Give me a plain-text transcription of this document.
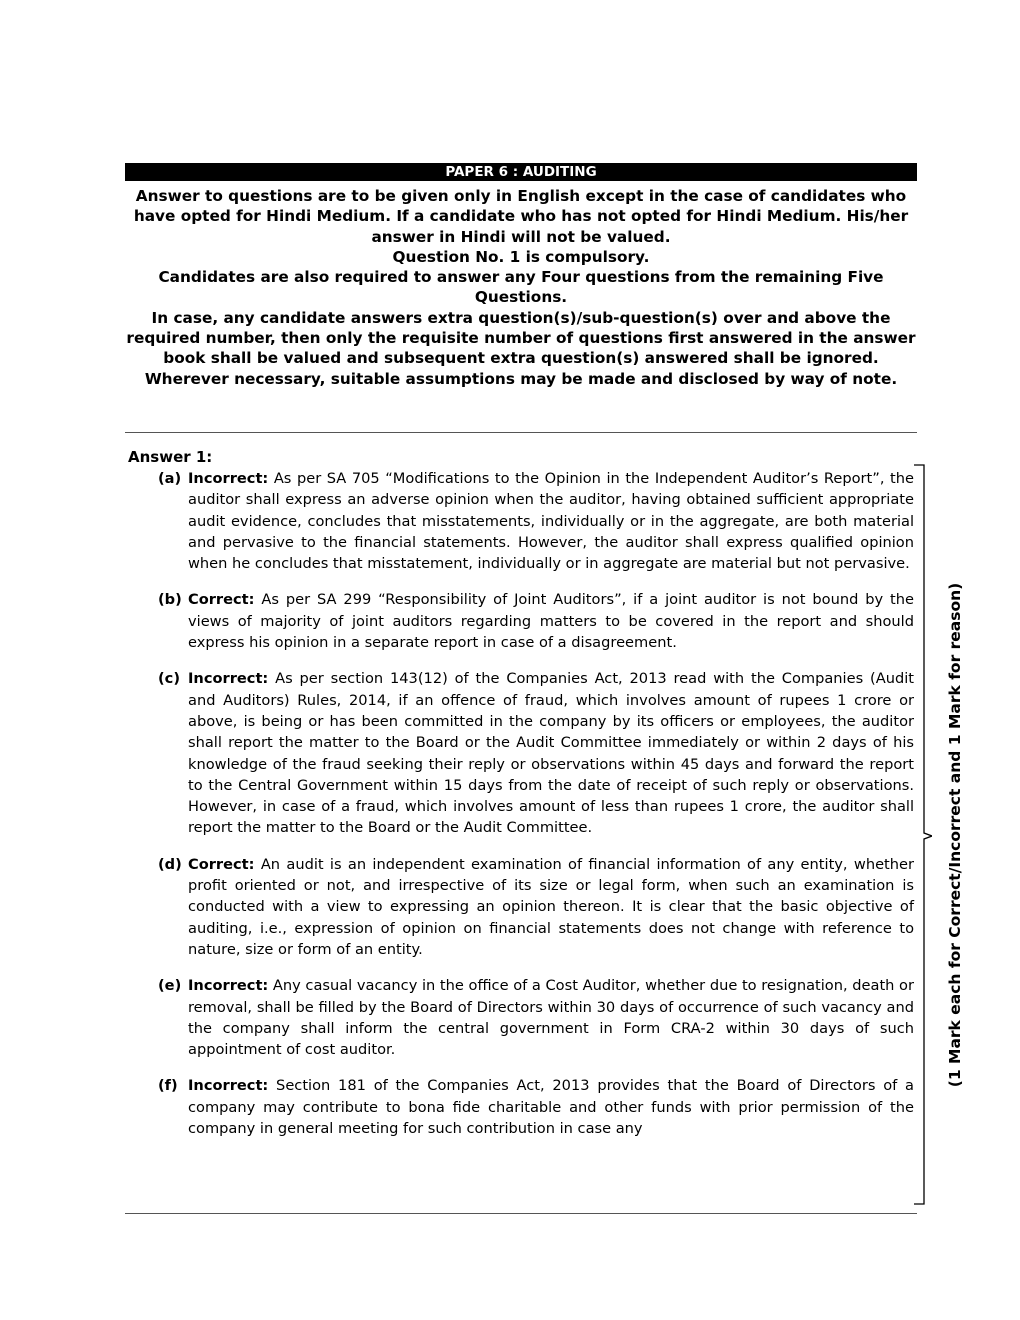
PAPER 6 : AUDITING
Answer to questions are to be given only in English except in the case of candidates who have opted for Hindi Medium. If a candidate who has not opted for Hindi Medium. His/her answer in Hindi will not be valued.
Question No. 1 is compulsory.
Candidates are also required to answer any Four questions from the remaining Five Questions.
In case, any candidate answers extra question(s)/sub-question(s) over and above the required number, then only the requisite number of questions first answered in the answer book shall be valued and subsequent extra question(s) answered shall be ignored.
Wherever necessary, suitable assumptions may be made and disclosed by way of note.
Answer 1:
(a) Incorrect: As per SA 705 “Modifications to the Opinion in the Independent Auditor’s Report”, the auditor shall express an adverse opinion when the auditor, having obtained sufficient appropriate audit evidence, concludes that misstatements, individually or in the aggregate, are both material and pervasive to the financial statements. However, the auditor shall express qualified opinion when he concludes that misstatement, individually or in aggregate are material but not pervasive.
(b) Correct: As per SA 299 “Responsibility of Joint Auditors”, if a joint auditor is not bound by the views of majority of joint auditors regarding matters to be covered in the report and should express his opinion in a separate report in case of a disagreement.
(c) Incorrect: As per section 143(12) of the Companies Act, 2013 read with the Companies (Audit and Auditors) Rules, 2014, if an offence of fraud, which involves amount of rupees 1 crore or above, is being or has been committed in the company by its officers or employees, the auditor shall report the matter to the Board or the Audit Committee immediately or within 2 days of his knowledge of the fraud seeking their reply or observations within 45 days and forward the report to the Central Government within 15 days from the date of receipt of such reply or observations. However, in case of a fraud, which involves amount of less than rupees 1 crore, the auditor shall report the matter to the Board or the Audit Committee.
(d) Correct: An audit is an independent examination of financial information of any entity, whether profit oriented or not, and irrespective of its size or legal form, when such an examination is conducted with a view to expressing an opinion thereon. It is clear that the basic objective of auditing, i.e., expression of opinion on financial statements does not change with reference to nature, size or form of an entity.
(e) Incorrect: Any casual vacancy in the office of a Cost Auditor, whether due to resignation, death or removal, shall be filled by the Board of Directors within 30 days of occurrence of such vacancy and the company shall inform the central government in Form CRA-2 within 30 days of such appointment of cost auditor.
(f) Incorrect: Section 181 of the Companies Act, 2013 provides that the Board of Directors of a company may contribute to bona fide charitable and other funds with prior permission of the company in general meeting for such contribution in case any
(1 Mark each for Correct/Incorrect and 1 Mark for reason)
